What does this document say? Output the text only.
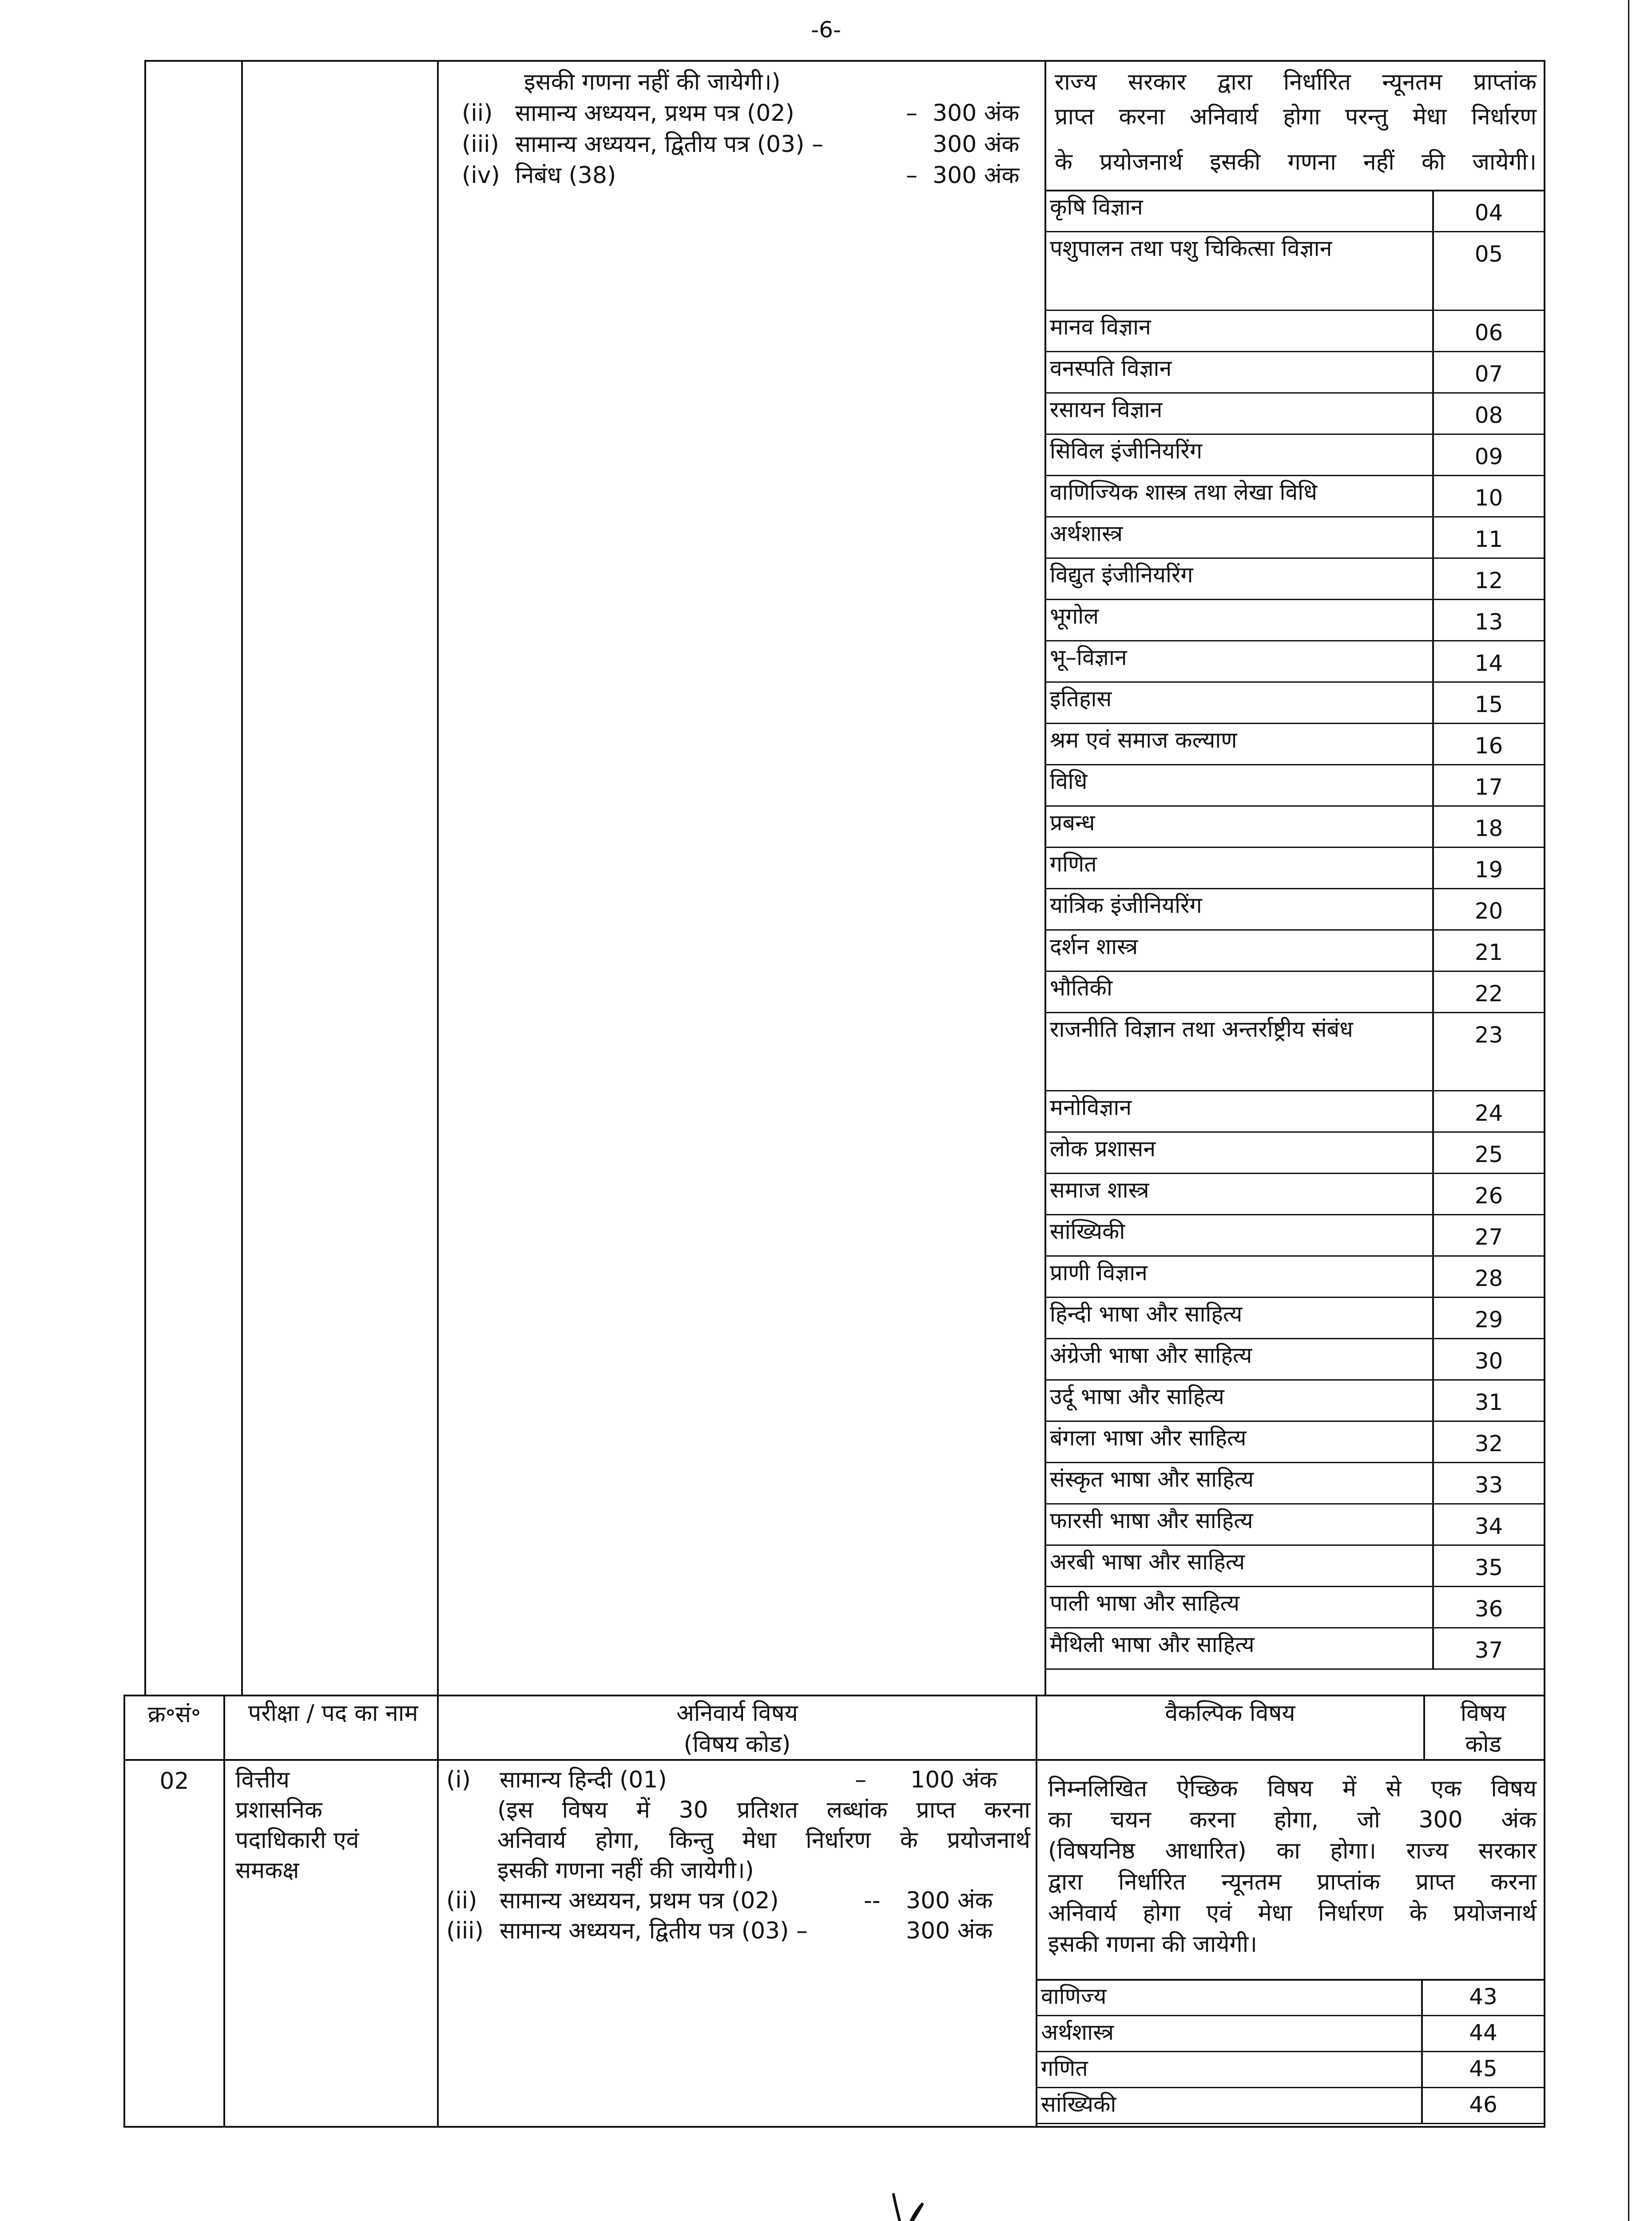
-6-
इसकी गणना नहीं की जायेगी।)
(ii) सामान्य अध्ययन, प्रथम पत्र (02)	– 300 अंक
(iii) सामान्य अध्ययन, द्वितीय पत्र (03) –	300 अंक
(iv) निबंध (38)	– 300 अंक
राज्य सरकार द्वारा निर्धारित न्यूनतम प्राप्तांक
प्राप्त करना अनिवार्य होगा परन्तु मेधा निर्धारण
के प्रयोजनार्थ इसकी गणना नहीं की जायेगी।
कृषि विज्ञान	04
पशुपालन तथा पशु चिकित्सा विज्ञान	05
मानव विज्ञान	06
वनस्पति विज्ञान	07
रसायन विज्ञान	08
सिविल इंजीनियरिंग	09
वाणिज्यिक शास्त्र तथा लेखा विधि	10
अर्थशास्त्र	11
विद्युत इंजीनियरिंग	12
भूगोल	13
भू–विज्ञान	14
इतिहास	15
श्रम एवं समाज कल्याण	16
विधि	17
प्रबन्ध	18
गणित	19
यांत्रिक इंजीनियरिंग	20
दर्शन शास्त्र	21
भौतिकी	22
राजनीति विज्ञान तथा अन्तर्राष्ट्रीय संबंध	23
मनोविज्ञान	24
लोक प्रशासन	25
समाज शास्त्र	26
सांख्यिकी	27
प्राणी विज्ञान	28
हिन्दी भाषा और साहित्य	29
अंग्रेजी भाषा और साहित्य	30
उर्दू भाषा और साहित्य	31
बंगला भाषा और साहित्य	32
संस्कृत भाषा और साहित्य	33
फारसी भाषा और साहित्य	34
अरबी भाषा और साहित्य	35
पाली भाषा और साहित्य	36
मैथिली भाषा और साहित्य	37
क्र॰सं॰	परीक्षा / पद का नाम	अनिवार्य विषय
(विषय कोड)
वैकल्पिक विषय	विषय कोड
02	वित्तीय
प्रशासनिक
पदाधिकारी एवं
समकक्ष
(i) सामान्य हिन्दी (01)	– 100 अंक
(इस विषय में 30 प्रतिशत लब्धांक प्राप्त करना
अनिवार्य होगा, किन्तु मेधा निर्धारण के प्रयोजनार्थ
इसकी गणना नहीं की जायेगी।)
(ii) सामान्य अध्ययन, प्रथम पत्र (02)	-- 300 अंक
(iii) सामान्य अध्ययन, द्वितीय पत्र (03) –	300 अंक
निम्नलिखित ऐच्छिक विषय में से एक विषय
का चयन करना होगा, जो 300 अंक
(विषयनिष्ठ आधारित) का होगा। राज्य सरकार
द्वारा निर्धारित न्यूनतम प्राप्तांक प्राप्त करना
अनिवार्य होगा एवं मेधा निर्धारण के प्रयोजनार्थ
इसकी गणना की जायेगी।
वाणिज्य	43
अर्थशास्त्र	44
गणित	45
सांख्यिकी	46
